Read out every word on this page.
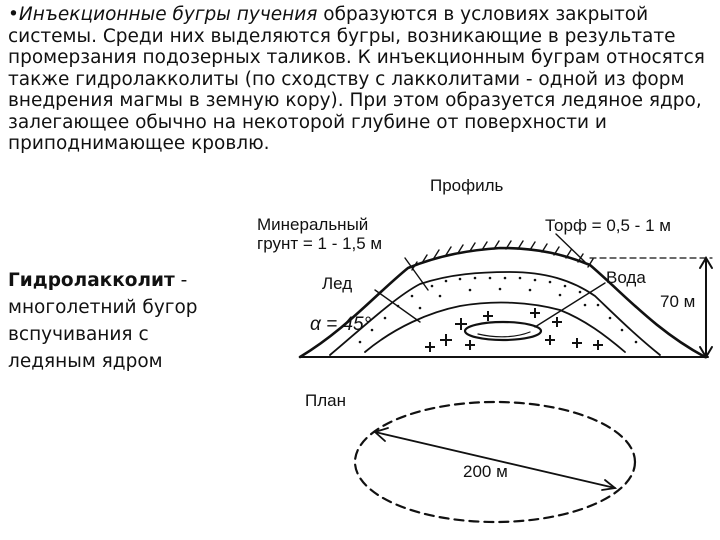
•Инъекционные бугры пучения образуются в условиях закрытой системы. Среди них выделяются бугры, возникающие в результате промерзания подозерных таликов. К инъекционным буграм относятся также гидролакколиты (по сходству с лакколитами - одной из форм внедрения магмы в земную кору). При этом образуется ледяное ядро, залегающее обычно на некоторой глубине от поверхности и приподнимающее кровлю.

Гидролакколит - многолетний бугор вспучивания с ледяным ядром

Профиль
Минеральный
грунт = 1 - 1,5 м
Торф = 0,5 - 1 м
Лед	Вода
70 м
α = 45°
План
200 м
